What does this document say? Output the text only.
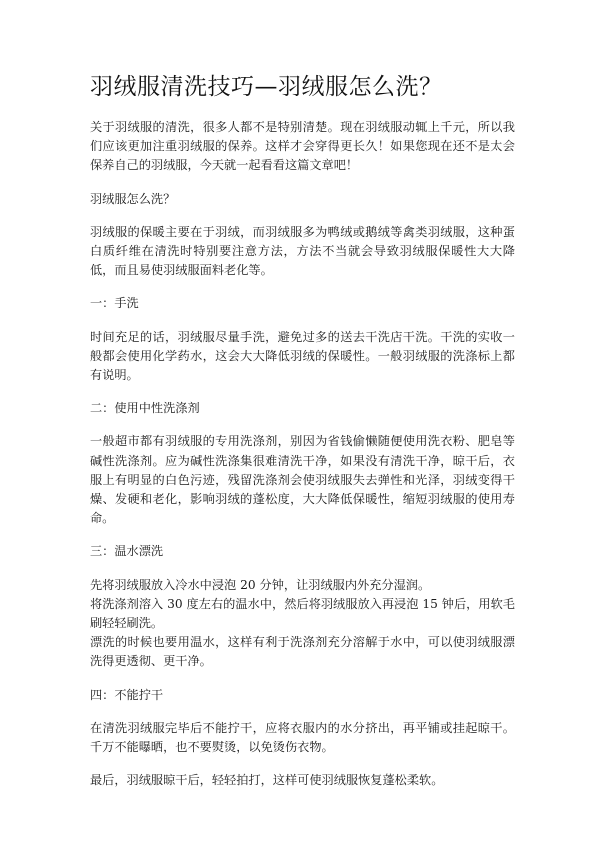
羽绒服清洗技巧—羽绒服怎么洗？

关于羽绒服的清洗，很多人都不是特别清楚。现在羽绒服动辄上千元，所以我们应该更加注重羽绒服的保养。这样才会穿得更长久！如果您现在还不是太会保养自己的羽绒服，今天就一起看看这篇文章吧！

羽绒服怎么洗？

羽绒服的保暖主要在于羽绒，而羽绒服多为鸭绒或鹅绒等禽类羽绒服，这种蛋白质纤维在清洗时特别要注意方法，方法不当就会导致羽绒服保暖性大大降低，而且易使羽绒服面料老化等。

一：手洗

时间充足的话，羽绒服尽量手洗，避免过多的送去干洗店干洗。干洗的实收一般都会使用化学药水，这会大大降低羽绒的保暖性。一般羽绒服的洗涤标上都有说明。

二：使用中性洗涤剂

一般超市都有羽绒服的专用洗涤剂，别因为省钱偷懒随便使用洗衣粉、肥皂等碱性洗涤剂。应为碱性洗涤集很难清洗干净，如果没有清洗干净，晾干后，衣服上有明显的白色污迹，残留洗涤剂会使羽绒服失去弹性和光泽，羽绒变得干燥、发硬和老化，影响羽绒的蓬松度，大大降低保暖性，缩短羽绒服的使用寿命。

三：温水漂洗

先将羽绒服放入冷水中浸泡 20 分钟，让羽绒服内外充分湿润。

将洗涤剂溶入 30 度左右的温水中，然后将羽绒服放入再浸泡 15 钟后，用软毛刷轻轻刷洗。

漂洗的时候也要用温水，这样有利于洗涤剂充分溶解于水中，可以使羽绒服漂洗得更透彻、更干净。

四：不能拧干

在清洗羽绒服完毕后不能拧干，应将衣服内的水分挤出，再平铺或挂起晾干。千万不能曝晒，也不要熨烫，以免烫伤衣物。

最后，羽绒服晾干后，轻轻拍打，这样可使羽绒服恢复蓬松柔软。
